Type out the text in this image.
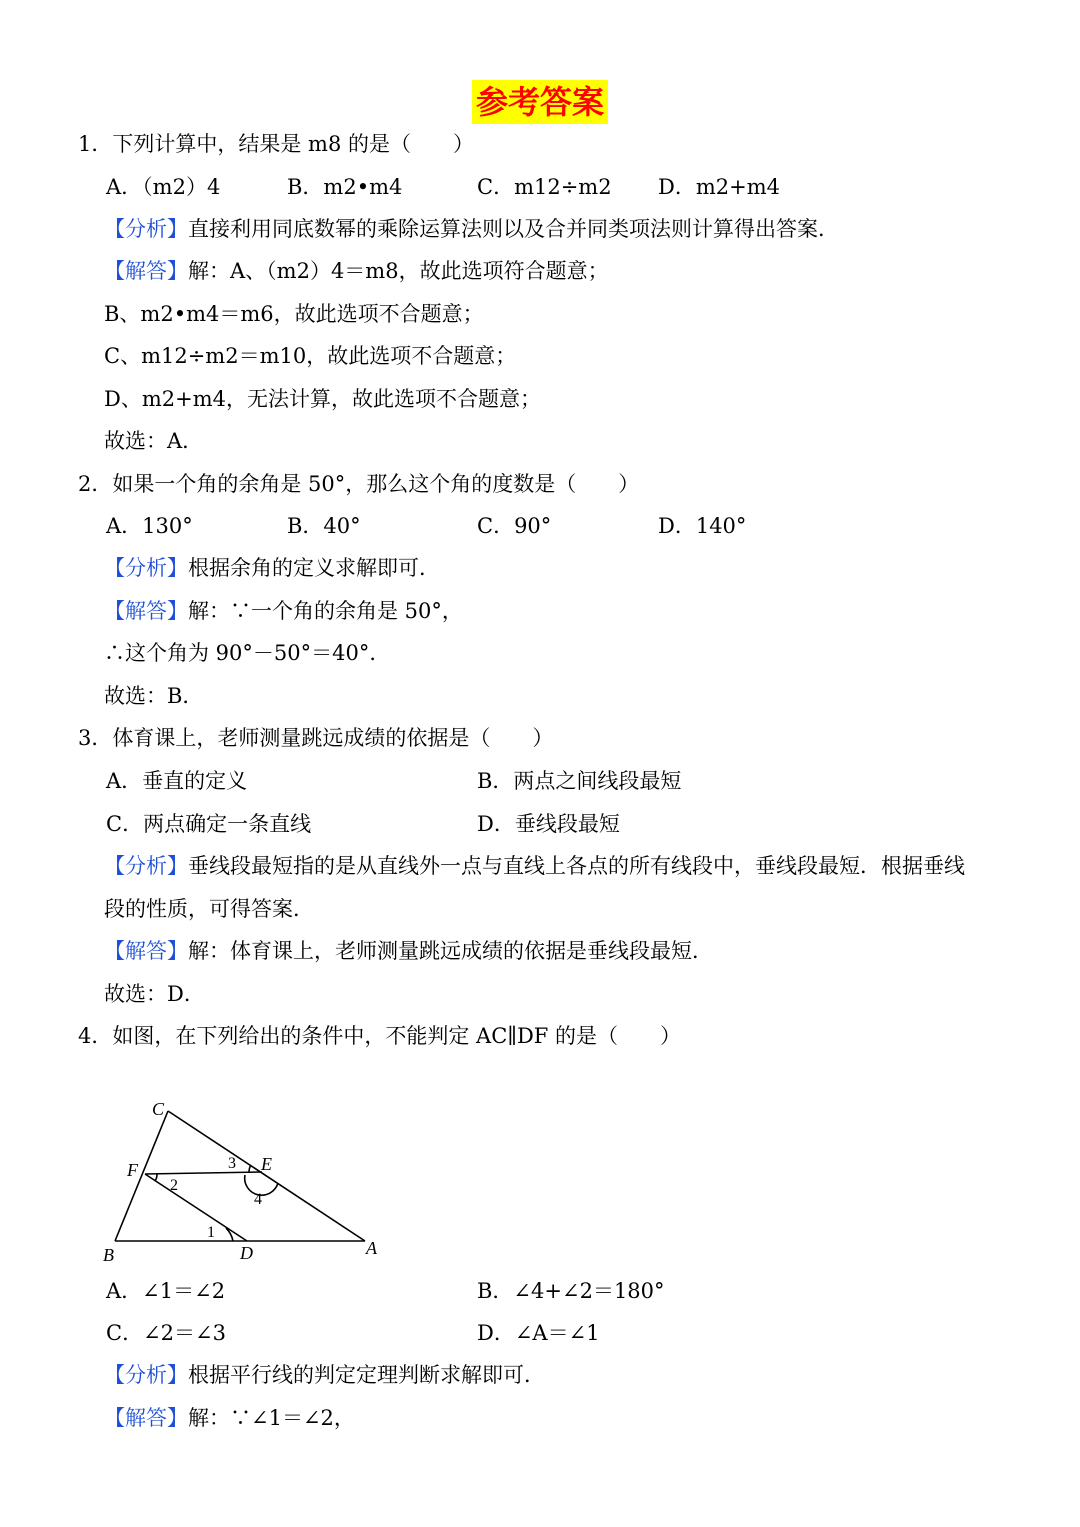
参考答案
1．下列计算中，结果是 m8 的是（　　）
A．（m2）4	B．m2•m4	C．m12÷m2 D．m2+m4
【分析】直接利用同底数幂的乘除运算法则以及合并同类项法则计算得出答案．
【解答】解：A、（m2）4＝m8，故此选项符合题意；
B、m2•m4＝m6，故此选项不合题意；
C、m12÷m2＝m10，故此选项不合题意；
D、m2+m4，无法计算，故此选项不合题意；
故选：A．
2．如果一个角的余角是 50°，那么这个角的度数是（　　）
A．130°	B．40°	C．90°	D．140°
【分析】根据余角的定义求解即可．
【解答】解：∵一个角的余角是 50°，
∴这个角为 90°－50°＝40°．
故选：B．
3．体育课上，老师测量跳远成绩的依据是（　　）
A．垂直的定义	B．两点之间线段最短
C．两点确定一条直线	D．垂线段最短
【分析】垂线段最短指的是从直线外一点与直线上各点的所有线段中，垂线段最短．根据垂线
段的性质，可得答案．
【解答】解：体育课上，老师测量跳远成绩的依据是垂线段最短．
故选：D．
4．如图，在下列给出的条件中，不能判定 AC∥DF 的是（　　）
C
F	E
B	D	A
1
2
3
4
A．∠1＝∠2	B．∠4+∠2＝180°
C．∠2＝∠3	D．∠A＝∠1
【分析】根据平行线的判定定理判断求解即可．
【解答】解：∵∠1＝∠2，
